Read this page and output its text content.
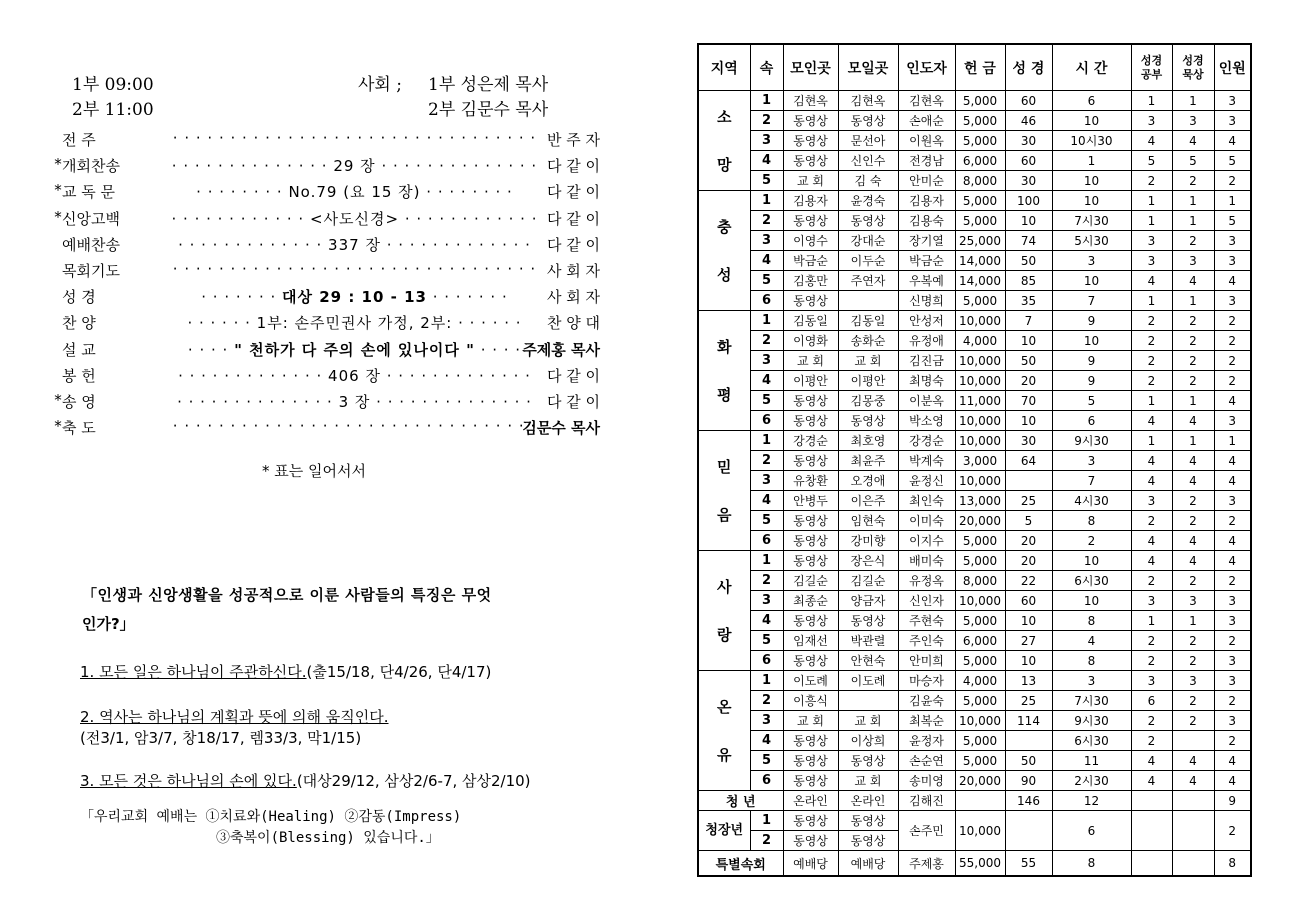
1부 09:00
2부 11:00
사회 ; 1부 성은제 목사
2부 김문수 목사
전 주	· · · · · · · · · · · · · · · · · · · · · · · · · · · · · · · · 반 주 자
* 개회찬송	· · · · · · · · · · · · · · 29 장 · · · · · · · · · · · · · · 다 같 이
* 교 독 문	· · · · · · · · No.79 (요 15 장) · · · · · · · ·	다 같 이
* 신앙고백	· · · · · · · · · · · · <사도신경> · · · · · · · · · · · · 다 같 이
예배찬송	· · · · · · · · · · · · · 337 장 · · · · · · · · · · · · ·	다 같 이
목회기도	· · · · · · · · · · · · · · · · · · · · · · · · · · · · · · · · 사 회 자
성 경	· · · · · · · 대상 29 : 10 - 13 · · · · · · ·	사 회 자
찬 양	· · · · · · 1부: 손주민권사 가정, 2부: · · · · · ·	찬 양 대
설 교	· · · · " 천하가 다 주의 손에 있나이다 " · · · · 주제홍 목사
봉 헌	· · · · · · · · · · · · · 406 장 · · · · · · · · · · · · ·	다 같 이
* 송 영	· · · · · · · · · · · · · · 3 장 · · · · · · · · · · · · · ·	다 같 이
* 축 도	· · · · · · · · · · · · · · · · · · · · · · · · · · · · · · · ·
김문수 목사
* 표는 일어서서
「인생과 신앙생활을 성공적으로 이룬 사람들의 특징은 무엇
인가?」
1. 모든 일은 하나님이 주관하신다.(출15/18, 단4/26, 단4/17)
2. 역사는 하나님의 계획과 뜻에 의해 움직인다.
(전3/1, 암3/7, 창18/17, 렘33/3, 막1/15)
3. 모든 것은 하나님의 손에 있다.(대상29/12, 삼상2/6-7, 삼상2/10)
「우리교회 예배는 ①치료와(Healing) ②감동(Impress)
③축복이(Blessing) 있습니다.」
지역	속	모인곳	모일곳	인도자	헌 금	성 경	시 간	성경
공부	성경
묵상	인원
소

망	1	김현옥	김현옥	김현옥	5,000	60	6	1	1	3
	2	동영상	동영상	손애순	5,000	46	10	3	3	3
	3	동영상	문선아	이원옥	5,000	30	10시30	4	4	4
	4	동영상	신인수	전경남	6,000	60	1	5	5	5
	5	교 회	김 숙	안미순	8,000	30	10	2	2	2
충

성	1	김용자	윤경숙	김용자	5,000	100	10	1	1	1
	2	동영상	동영상	김용숙	5,000	10	7시30	1	1	5
	3	이영수	강대순	장기열	25,000	74	5시30	3	2	3
	4	박금순	이두순	박금순	14,000	50	3	3	3	3
	5	김홍만	주연자	우복예	14,000	85	10	4	4	4
	6	동영상		신명희	5,000	35	7	1	1	3
화

평	1	김동일	김동일	안성저	10,000	7	9	2	2	2
	2	이영화	송화순	유정애	4,000	10	10	2	2	2
	3	교 회	교 회	김진금	10,000	50	9	2	2	2
	4	이평안	이평안	최명숙	10,000	20	9	2	2	2
	5	동영상	김몽중	이분옥	11,000	70	5	1	1	4
	6	동영상	동영상	박소영	10,000	10	6	4	4	3
믿

음	1	강경순	최호영	강경순	10,000	30	9시30	1	1	1
	2	동영상	최윤주	박계숙	3,000	64	3	4	4	4
	3	유창환	오경애	윤정신	10,000		7	4	4	4
	4	안병두	이은주	최인숙	13,000	25	4시30	3	2	3
	5	동영상	임현숙	이미숙	20,000	5	8	2	2	2
	6	동영상	강미향	이지수	5,000	20	2	4	4	4
사

랑	1	동영상	장은식	배미숙	5,000	20	10	4	4	4
	2	김길순	김길순	유정옥	8,000	22	6시30	2	2	2
	3	최종순	양금자	신인자	10,000	60	10	3	3	3
	4	동영상	동영상	주현숙	5,000	10	8	1	1	3
	5	임재선	박관렬	주인숙	6,000	27	4	2	2	2
	6	동영상	안현숙	안미희	5,000	10	8	2	2	3
온

유	1	이도례	이도례	마승자	4,000	13	3	3	3	3
	2	이흥식		김윤숙	5,000	25	7시30	6	2	2
	3	교 회	교 회	최복순	10,000	114	9시30	2	2	3
	4	동영상	이상희	윤정자	5,000		6시30	2		2
	5	동영상	동영상	손순연	5,000	50	11	4	4	4
	6	동영상	교 회	송미영	20,000	90	2시30	4	4	4
청 년		온라인	온라인	김해진		146	12			9
청장년	1	동영상	동영상	손주민	10,000		6			2
	2	동영상	동영상							
특별속회		예배당	예배당	주제홍	55,000	55	8			8
